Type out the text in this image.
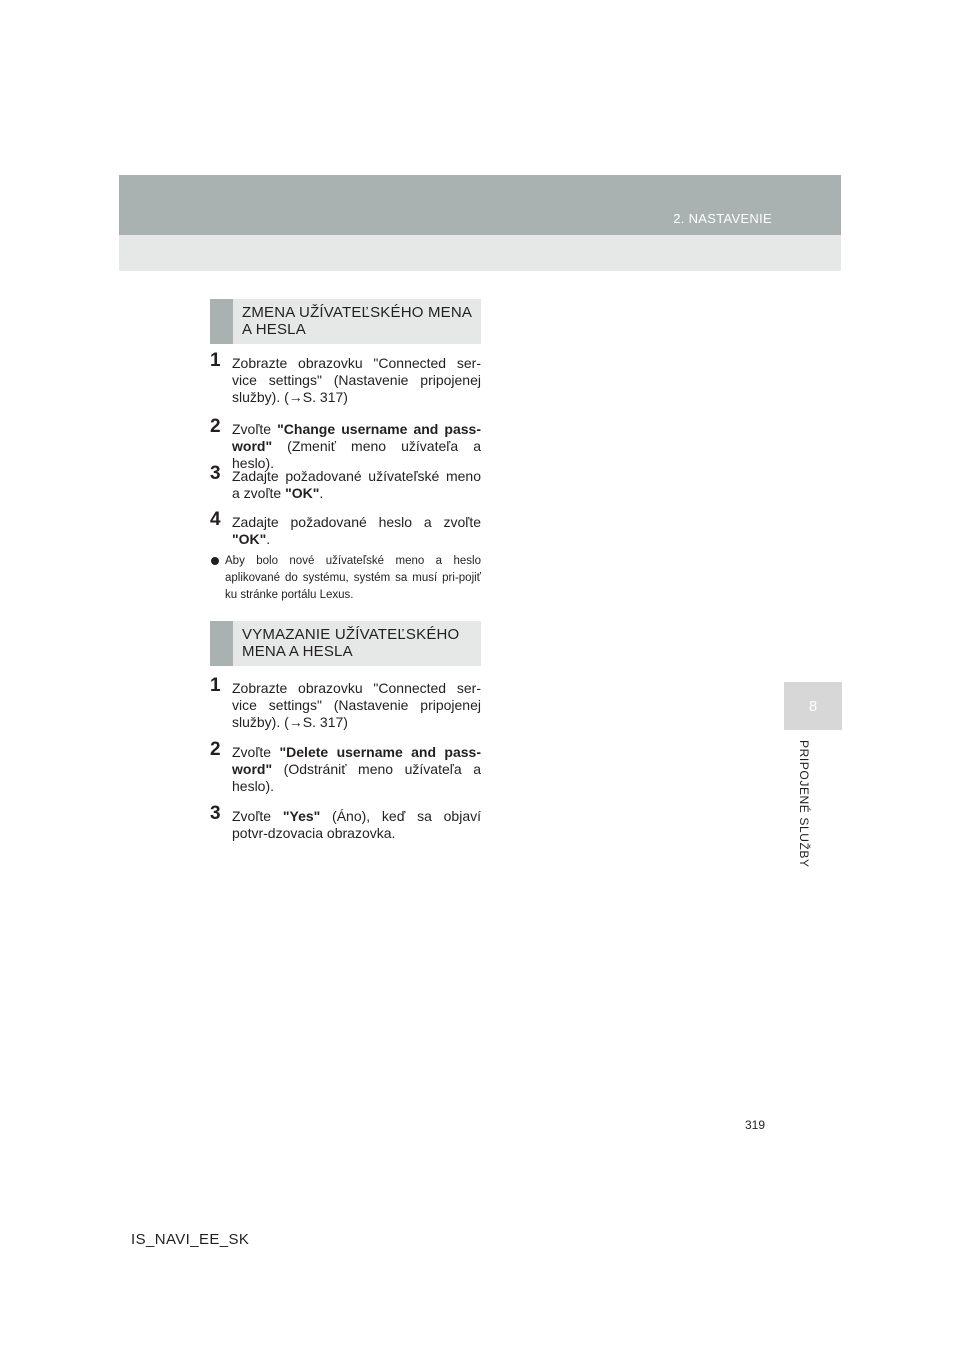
2. NASTAVENIE
8
PRIPOJENÉ SLUŽBY
ZMENA UŽÍVATEĽSKÉHO MENA A HESLA
1 Zobrazte obrazovku "Connected ser-vice settings" (Nastavenie pripojenej služby). (→S. 317)
2 Zvoľte "Change username and pass-word" (Zmeniť meno užívateľa a heslo).
3 Zadajte požadované užívateľské meno a zvoľte "OK".
4 Zadajte požadované heslo a zvoľte "OK".
Aby bolo nové užívateľské meno a heslo aplikované do systému, systém sa musí pri-pojiť ku stránke portálu Lexus.
VYMAZANIE UŽÍVATEĽSKÉHO MENA A HESLA
1 Zobrazte obrazovku "Connected ser-vice settings" (Nastavenie pripojenej služby). (→S. 317)
2 Zvoľte "Delete username and pass-word" (Odstrániť meno užívateľa a heslo).
3 Zvoľte "Yes" (Áno), keď sa objaví potvr-dzovacia obrazovka.
319
IS_NAVI_EE_SK
